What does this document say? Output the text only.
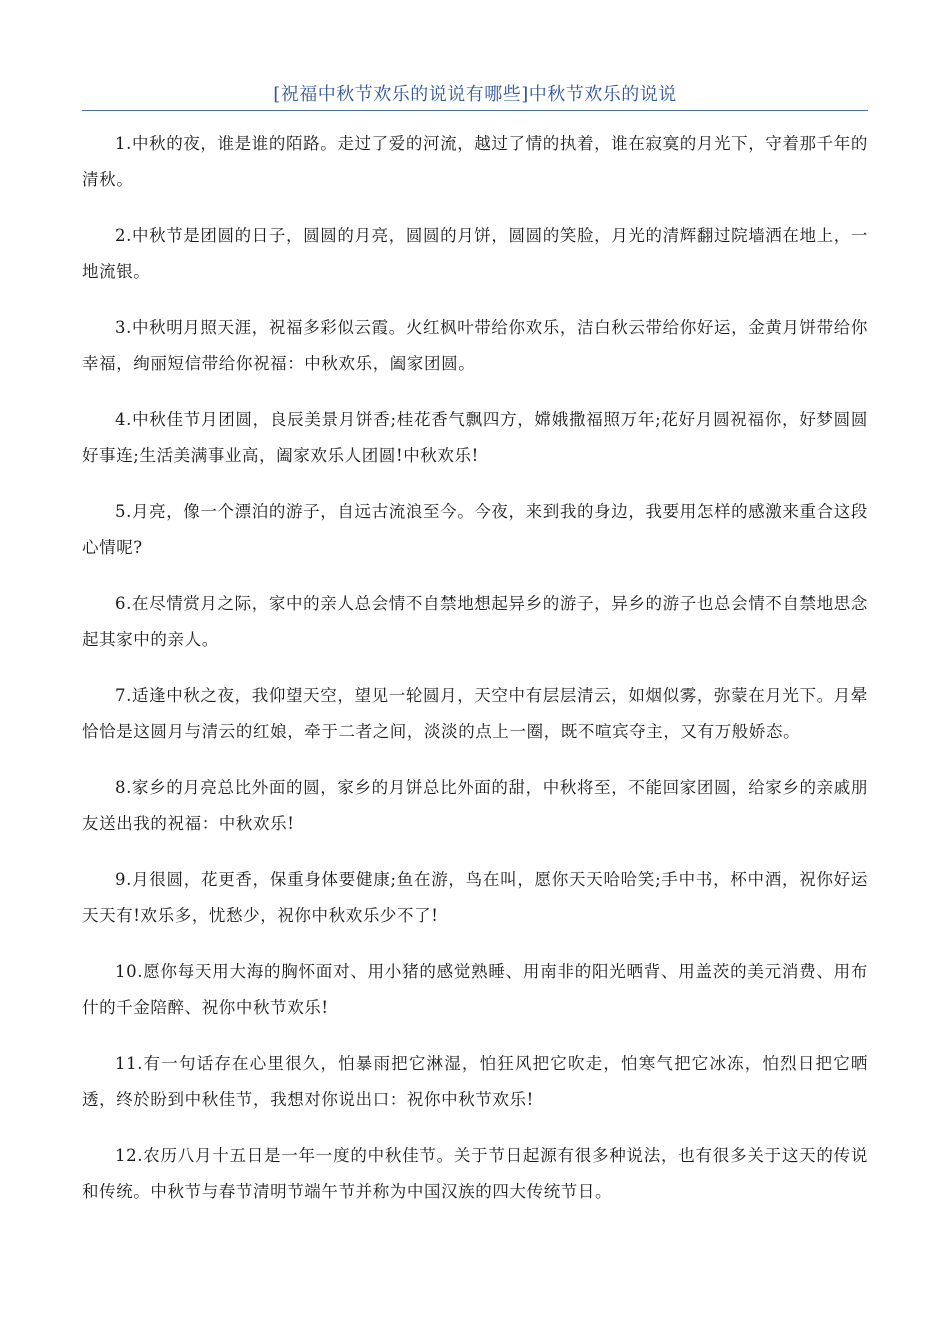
[祝福中秋节欢乐的说说有哪些]中秋节欢乐的说说

1.中秋的夜，谁是谁的陌路。走过了爱的河流，越过了情的执着，谁在寂寞的月光下，守着那千年的清秋。

2.中秋节是团圆的日子，圆圆的月亮，圆圆的月饼，圆圆的笑脸，月光的清辉翻过院墙洒在地上，一地流银。

3.中秋明月照天涯，祝福多彩似云霞。火红枫叶带给你欢乐，洁白秋云带给你好运，金黄月饼带给你幸福，绚丽短信带给你祝福：中秋欢乐，阖家团圆。

4.中秋佳节月团圆，良辰美景月饼香;桂花香气飘四方，嫦娥撒福照万年;花好月圆祝福你，好梦圆圆好事连;生活美满事业高，阖家欢乐人团圆!中秋欢乐!

5.月亮，像一个漂泊的游子，自远古流浪至今。今夜，来到我的身边，我要用怎样的感激来重合这段心情呢?

6.在尽情赏月之际，家中的亲人总会情不自禁地想起异乡的游子，异乡的游子也总会情不自禁地思念起其家中的亲人。

7.适逢中秋之夜，我仰望天空，望见一轮圆月，天空中有层层清云，如烟似雾，弥蒙在月光下。月晕恰恰是这圆月与清云的红娘，牵于二者之间，淡淡的点上一圈，既不喧宾夺主，又有万般娇态。

8.家乡的月亮总比外面的圆，家乡的月饼总比外面的甜，中秋将至，不能回家团圆，给家乡的亲戚朋友送出我的祝福：中秋欢乐!

9.月很圆，花更香，保重身体要健康;鱼在游，鸟在叫，愿你天天哈哈笑;手中书，杯中酒，祝你好运天天有!欢乐多，忧愁少，祝你中秋欢乐少不了!

10.愿你每天用大海的胸怀面对、用小猪的感觉熟睡、用南非的阳光晒背、用盖茨的美元消费、用布什的千金陪醉、祝你中秋节欢乐!

11.有一句话存在心里很久，怕暴雨把它淋湿，怕狂风把它吹走，怕寒气把它冰冻，怕烈日把它晒透，终於盼到中秋佳节，我想对你说出口：祝你中秋节欢乐!

12.农历八月十五日是一年一度的中秋佳节。关于节日起源有很多种说法，也有很多关于这天的传说和传统。中秋节与春节清明节端午节并称为中国汉族的四大传统节日。
